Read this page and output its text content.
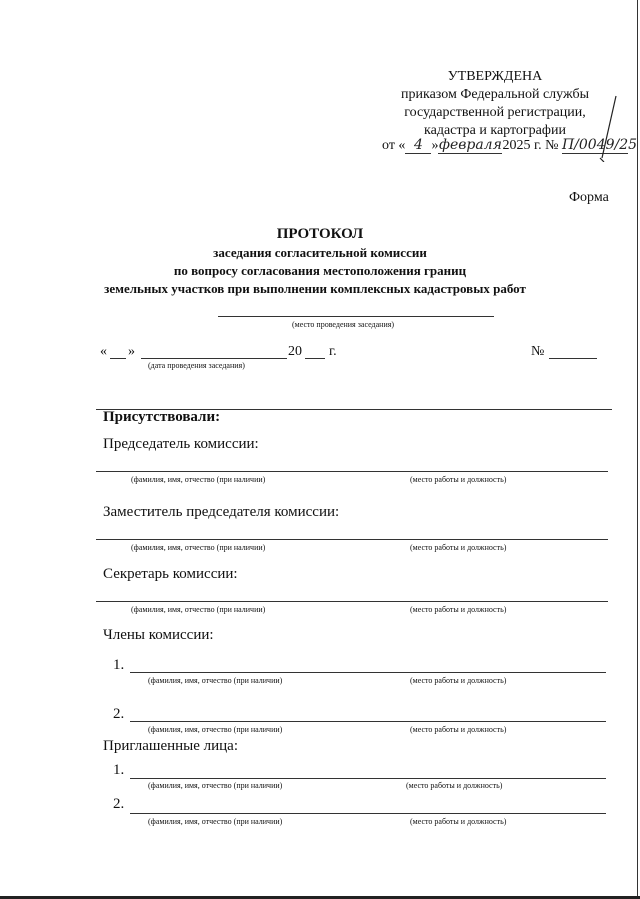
УТВЕРЖДЕНА
приказом Федеральной службы
государственной регистрации,
кадастра и картографии
от « 4 »февраля2025 г. № П/0049/25
Форма
ПРОТОКОЛ
заседания согласительной комиссии
по вопросу согласования местоположения границ
земельных участков при выполнении комплексных кадастровых работ
(место проведения заседания)
« »	20 г.
(дата проведения заседания)
№
Присутствовали:
Председатель комиссии:
(фамилия, имя, отчество (при наличии)	(место работы и должность)
Заместитель председателя комиссии:
(фамилия, имя, отчество (при наличии)	(место работы и должность)
Секретарь комиссии:
(фамилия, имя, отчество (при наличии)	(место работы и должность)
Члены комиссии:
1.
(фамилия, имя, отчество (при наличии)	(место работы и должность)
2.
(фамилия, имя, отчество (при наличии)	(место работы и должность)
Приглашенные лица:
1.
(фамилия, имя, отчество (при наличии)	(место работы и должность)
2.
(фамилия, имя, отчество (при наличии)	(место работы и должность)
